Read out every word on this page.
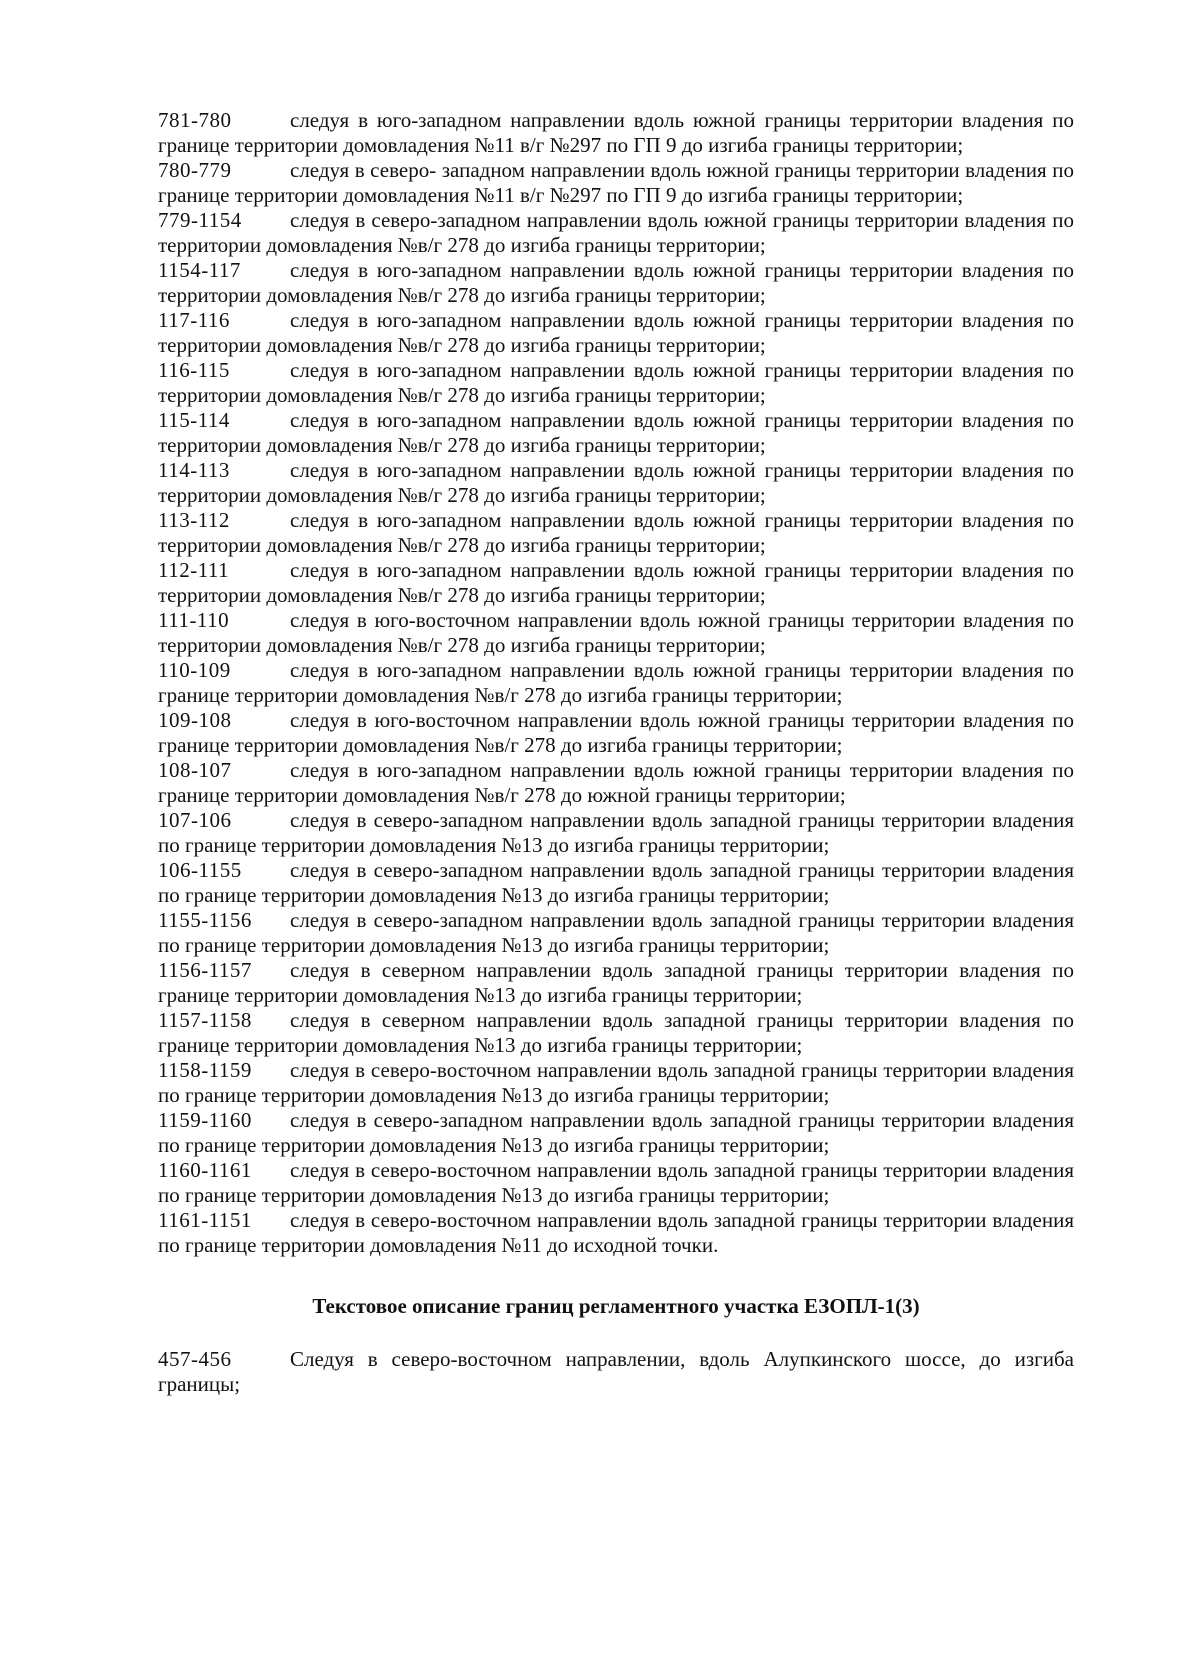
781-780	следуя в юго-западном направлении вдоль южной границы территории владения по границе территории домовладения №11 в/г №297 по ГП 9 до изгиба границы территории;

780-779	следуя в северо- западном направлении вдоль южной границы территории владения по границе территории домовладения №11 в/г №297 по ГП 9 до изгиба границы территории;

779-1154 следуя в северо-западном направлении вдоль южной границы территории владения по территории домовладения №в/г 278 до изгиба границы территории;

1154-117 следуя в юго-западном направлении вдоль южной границы территории владения по территории домовладения №в/г 278 до изгиба границы территории;

117-116	следуя в юго-западном направлении вдоль южной границы территории владения по территории домовладения №в/г 278 до изгиба границы территории;

116-115	следуя в юго-западном направлении вдоль южной границы территории владения по территории домовладения №в/г 278 до изгиба границы территории;

115-114	следуя в юго-западном направлении вдоль южной границы территории владения по территории домовладения №в/г 278 до изгиба границы территории;

114-113	следуя в юго-западном направлении вдоль южной границы территории владения по территории домовладения №в/г 278 до изгиба границы территории;

113-112	следуя в юго-западном направлении вдоль южной границы территории владения по территории домовладения №в/г 278 до изгиба границы территории;

112-111	следуя в юго-западном направлении вдоль южной границы территории владения по территории домовладения №в/г 278 до изгиба границы территории;

111-110	следуя в юго-восточном направлении вдоль южной границы территории владения по территории домовладения №в/г 278 до изгиба границы территории;

110-109	следуя в юго-западном направлении вдоль южной границы территории владения по границе территории домовладения №в/г 278 до изгиба границы территории;

109-108	следуя в юго-восточном направлении вдоль южной границы территории владения по границе территории домовладения №в/г 278 до изгиба границы территории;

108-107	следуя в юго-западном направлении вдоль южной границы территории владения по границе территории домовладения №в/г 278 до южной границы территории;

107-106	следуя в северо-западном направлении вдоль западной границы территории владения по границе территории домовладения №13 до изгиба границы территории;

106-1155 следуя в северо-западном направлении вдоль западной границы территории владения по границе территории домовладения №13 до изгиба границы территории;

1155-1156 следуя в северо-западном направлении вдоль западной границы территории владения по границе территории домовладения №13 до изгиба границы территории;

1156-1157 следуя в северном направлении вдоль западной границы территории владения по границе территории домовладения №13 до изгиба границы территории;

1157-1158 следуя в северном направлении вдоль западной границы территории владения по границе территории домовладения №13 до изгиба границы территории;

1158-1159 следуя в северо-восточном направлении вдоль западной границы территории владения по границе территории домовладения №13 до изгиба границы территории;

1159-1160 следуя в северо-западном направлении вдоль западной границы территории владения по границе территории домовладения №13 до изгиба границы территории;

1160-1161 следуя в северо-восточном направлении вдоль западной границы территории владения по границе территории домовладения №13 до изгиба границы территории;

1161-1151 следуя в северо-восточном направлении вдоль западной границы территории владения по границе территории домовладения №11 до исходной точки.

Текстовое описание границ регламентного участка ЕЗОПЛ-1(3)

457-456	Следуя в северо-восточном направлении, вдоль Алупкинского шоссе, до изгиба границы;
